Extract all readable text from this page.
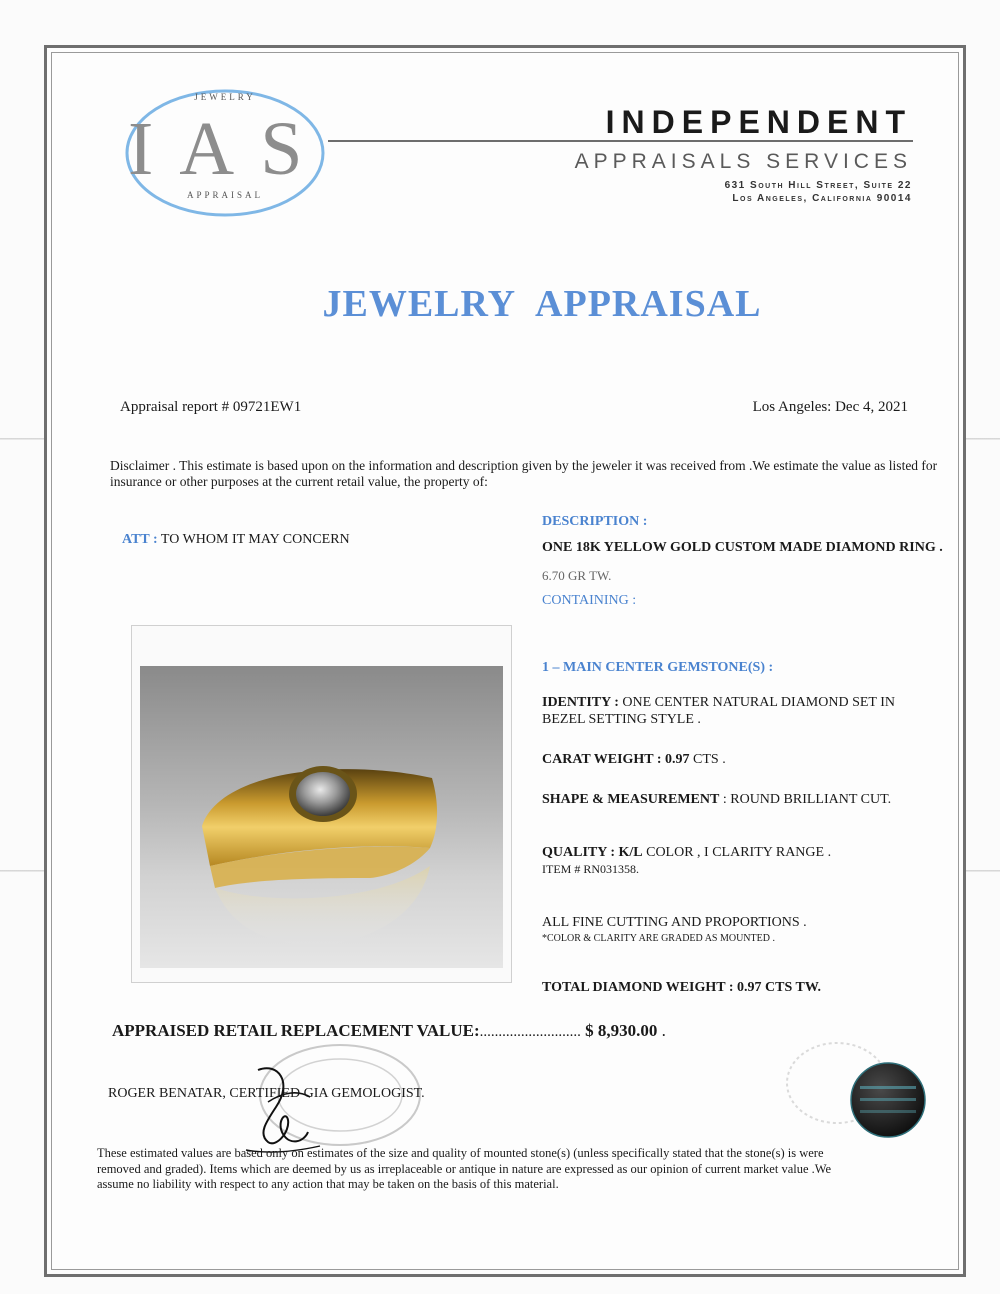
JEWELRY
IAS
APPRAISAL
INDEPENDENT
APPRAISALS SERVICES
631 South Hill Street, Suite 22
Los Angeles, California 90014
JEWELRY APPRAISAL
Appraisal report # 09721EW1	Los Angeles: Dec 4, 2021
Disclaimer . This estimate is based upon on the information and description given by the jeweler it was received from .We estimate the value as listed for insurance or other purposes at the current retail value, the property of:
ATT : TO WHOM IT MAY CONCERN
DESCRIPTION :
ONE 18K YELLOW GOLD CUSTOM MADE DIAMOND RING .
6.70 GR TW.
CONTAINING :
1 – MAIN CENTER GEMSTONE(S) :
IDENTITY : ONE CENTER NATURAL DIAMOND SET IN
BEZEL SETTING STYLE .
CARAT WEIGHT : 0.97 CTS .
SHAPE & MEASUREMENT : ROUND BRILLIANT CUT.
QUALITY : K/L COLOR , I CLARITY RANGE .
ITEM # RN031358.
ALL FINE CUTTING AND PROPORTIONS .
*COLOR & CLARITY ARE GRADED AS MOUNTED .
TOTAL DIAMOND WEIGHT : 0.97 CTS TW.
APPRAISED RETAIL REPLACEMENT VALUE:........................... $ 8,930.00 .
ROGER BENATAR, CERTIFIED GIA GEMOLOGIST.
These estimated values are based only on estimates of the size and quality of mounted stone(s) (unless specifically stated that the stone(s) is were removed and graded). Items which are deemed by us as irreplaceable or antique in nature are expressed as our opinion of current market value .We assume no liability with respect to any action that may be taken on the basis of this material.
